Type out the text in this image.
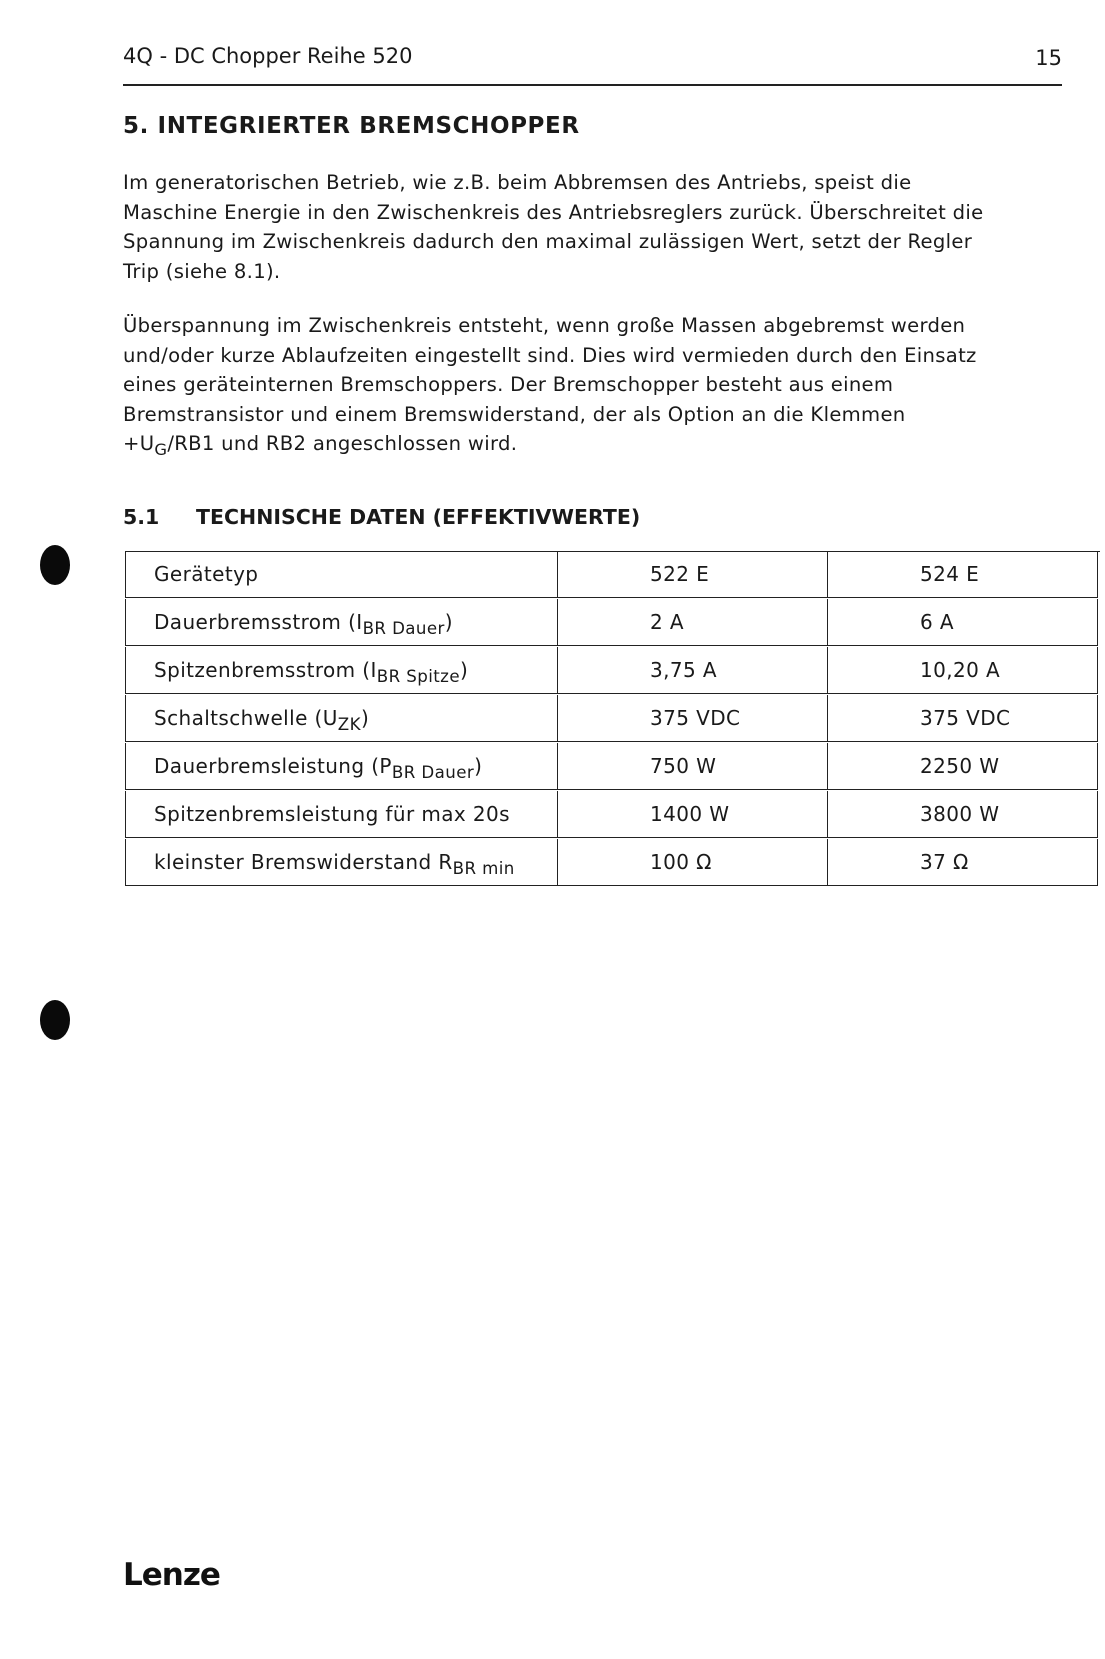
4Q - DC Chopper Reihe 520	15
5. INTEGRIERTER BREMSCHOPPER
Im generatorischen Betrieb, wie z.B. beim Abbremsen des Antriebs, speist die
Maschine Energie in den Zwischenkreis des Antriebsreglers zurück. Überschreitet die
Spannung im Zwischenkreis dadurch den maximal zulässigen Wert, setzt der Regler
Trip (siehe 8.1).
Überspannung im Zwischenkreis entsteht, wenn große Massen abgebremst werden
und/oder kurze Ablaufzeiten eingestellt sind. Dies wird vermieden durch den Einsatz
eines geräteinternen Bremschoppers. Der Bremschopper besteht aus einem
Bremstransistor und einem Bremswiderstand, der als Option an die Klemmen
$+U_G/RB1$ und RB2 angeschlossen wird.
5.1 TECHNISCHE DATEN (EFFEKTIVWERTE)
Gerätetyp	522 E	524 E
Dauerbremsstrom $(I_{BR Dauer})$	2 A	6 A
Spitzenbremsstrom $(I_{BR Spitze})$	3,75 A	10,20 A
Schaltschwelle $(U_{ZK})$	375 VDC	375 VDC
Dauerbremsleistung $(P_{BR Dauer})$	750 W	2250 W
Spitzenbremsleistung für max 20s	1400 W	3800 W
kleinster Bremswiderstand $R_{BR min}$	100 Ω	37 Ω
Lenze
